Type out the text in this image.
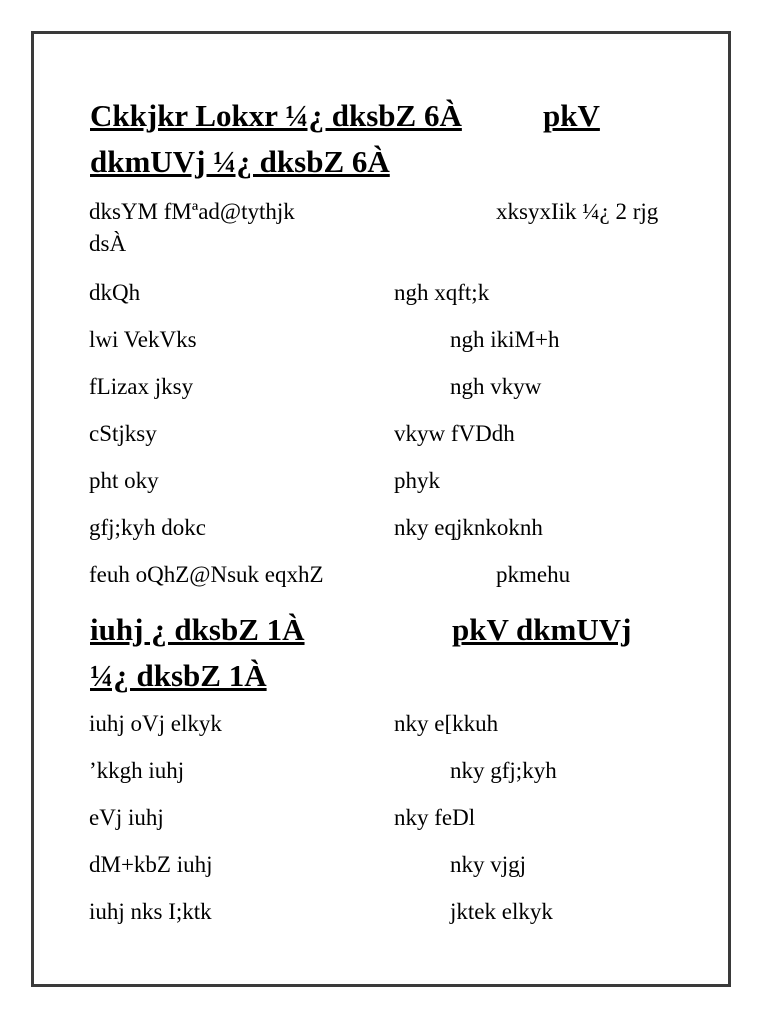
Ckkjkr Lokxr ¼¿ dksbZ 6À	pkV
dkmUVj ¼¿ dksbZ 6À
dksYM fMªad@tythjk	xksyxIik ¼¿ 2 rjg
dsÀ
dkQh	ngh xqft;k
lwi VekVks	ngh ikiM+h
fLizax jksy	ngh vkyw
cStjksy	vkyw fVDdh
pht oky	phyk
gfj;kyh dokc	nky eqjknkoknh
feuh oQhZ@Nsuk eqxhZ	pkmehu
iuhj ¿ dksbZ 1À	pkV dkmUVj
¼¿ dksbZ 1À
iuhj oVj elkyk	nky e[kkuh
’kkgh iuhj	nky gfj;kyh
eVj iuhj	nky feDl
dM+kbZ iuhj	nky vjgj
iuhj nks I;ktk	jktek elkyk
